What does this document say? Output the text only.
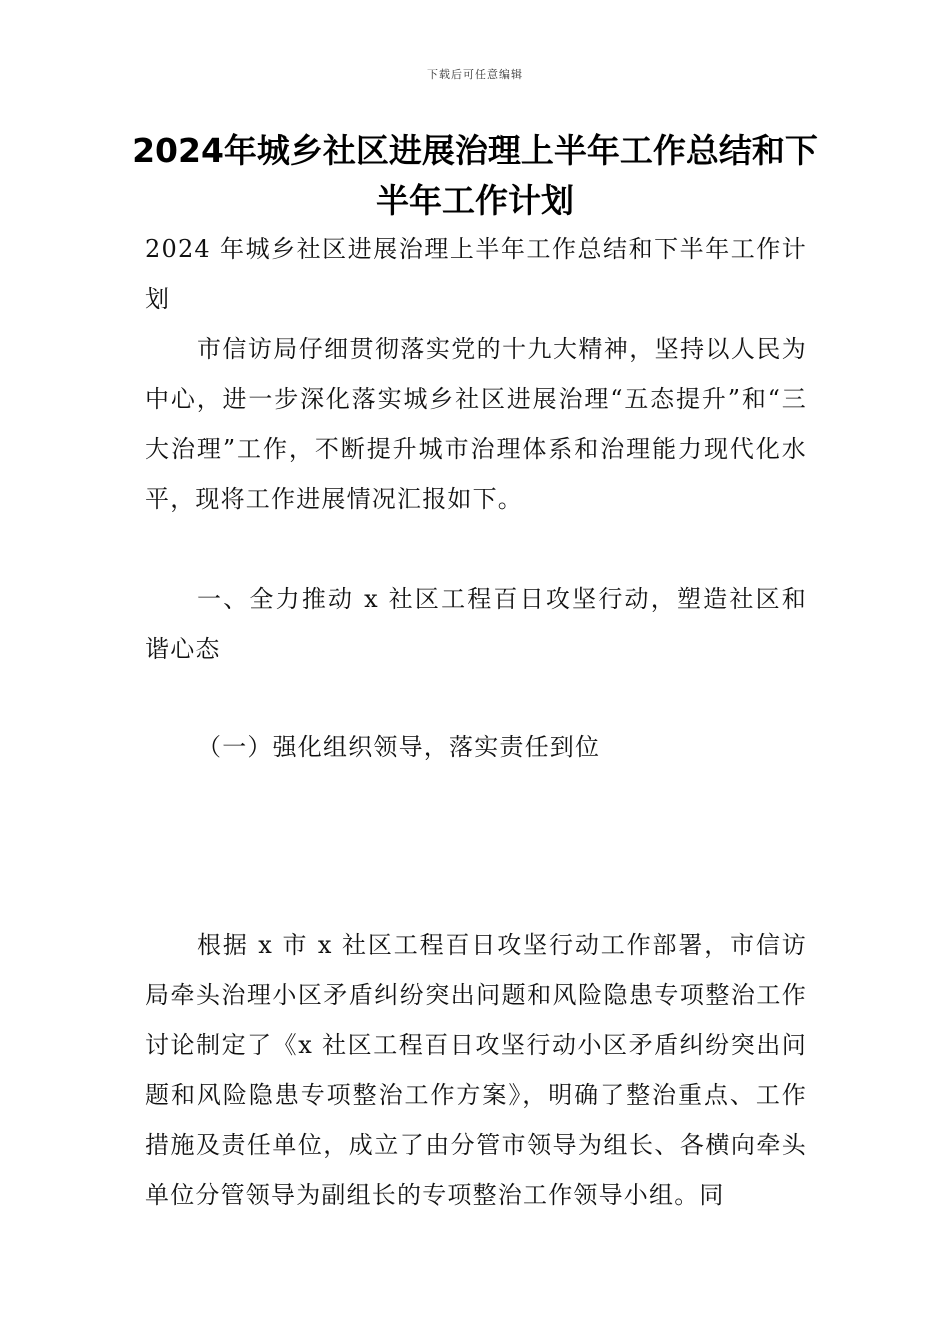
下载后可任意编辑
2024年城乡社区进展治理上半年工作总结和下半年工作计划
2024 年城乡社区进展治理上半年工作总结和下半年工作计划
市信访局仔细贯彻落实党的十九大精神，坚持以人民为中心，进一步深化落实城乡社区进展治理“五态提升”和“三大治理”工作，不断提升城市治理体系和治理能力现代化水平，现将工作进展情况汇报如下。
一、全力推动 x 社区工程百日攻坚行动，塑造社区和谐心态
（一）强化组织领导，落实责任到位
根据 x 市 x 社区工程百日攻坚行动工作部署，市信访局牵头治理小区矛盾纠纷突出问题和风险隐患专项整治工作讨论制定了《x 社区工程百日攻坚行动小区矛盾纠纷突出问题和风险隐患专项整治工作方案》，明确了整治重点、工作措施及责任单位，成立了由分管市领导为组长、各横向牵头单位分管领导为副组长的专项整治工作领导小组。同
